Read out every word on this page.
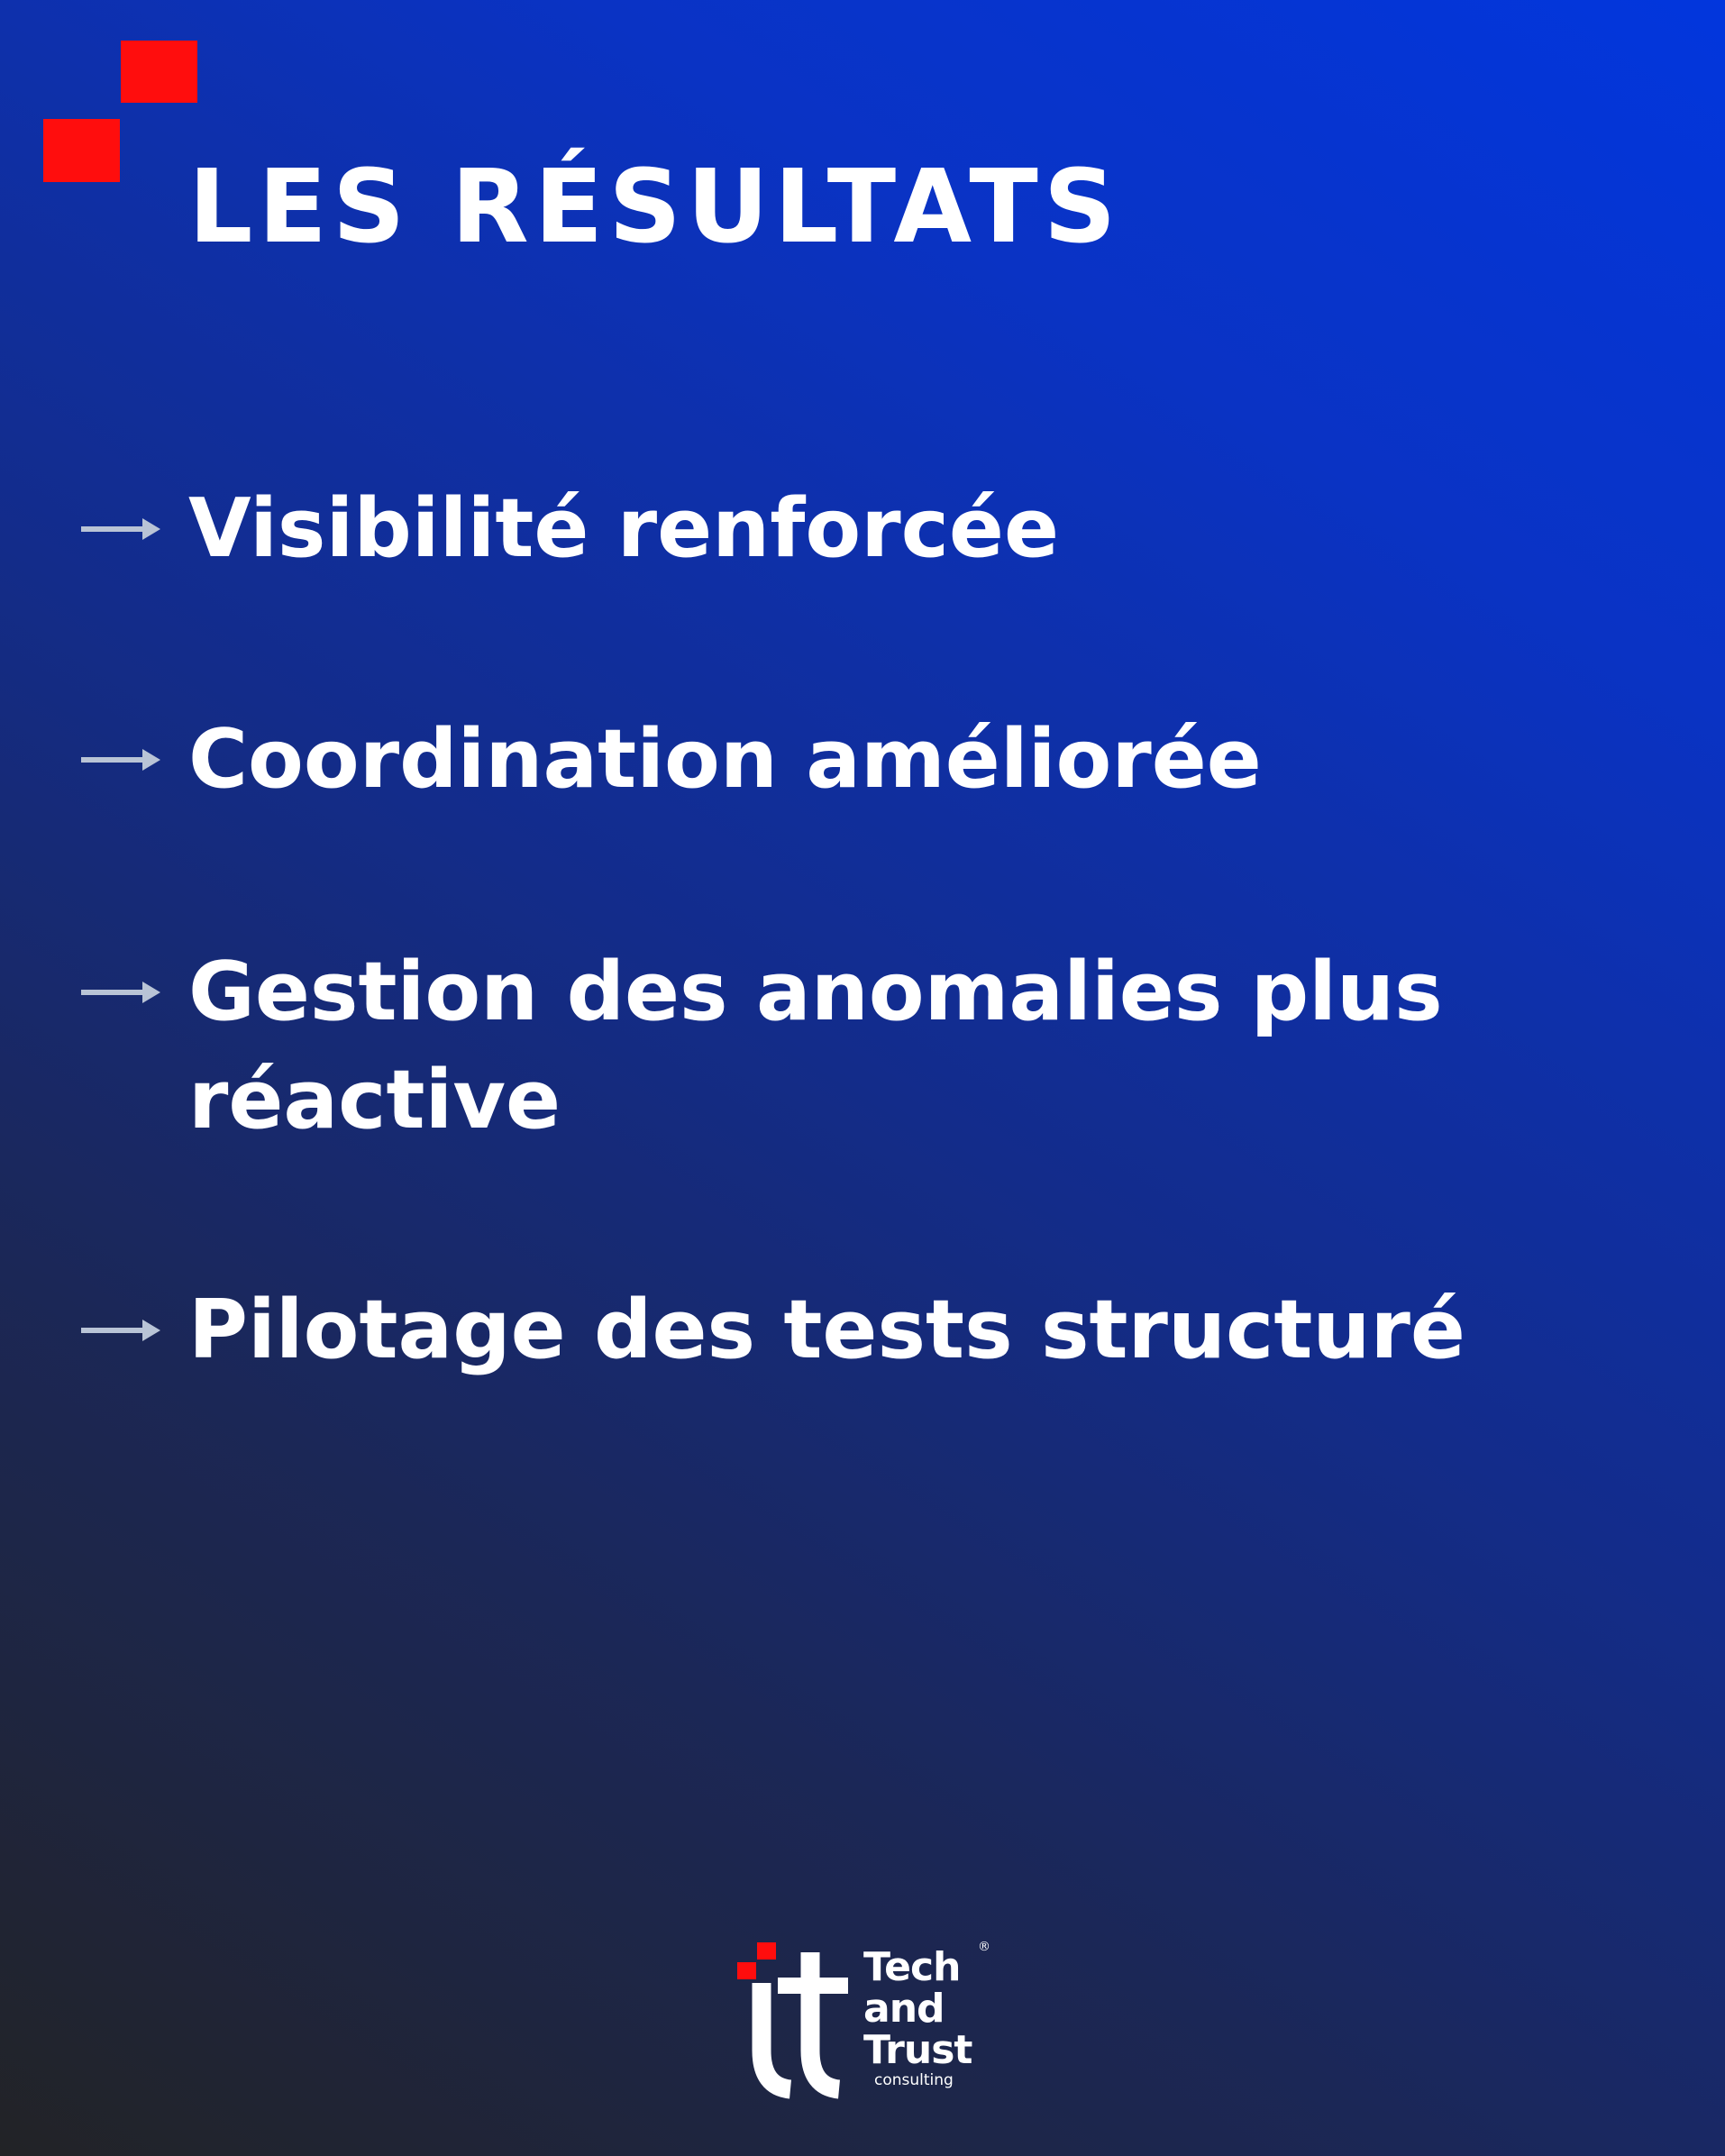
LES RÉSULTATS
Visibilité renforcée
Coordination améliorée
Gestion des anomalies plus réactive
Pilotage des tests structuré
Tech
and
Trust
consulting
®
